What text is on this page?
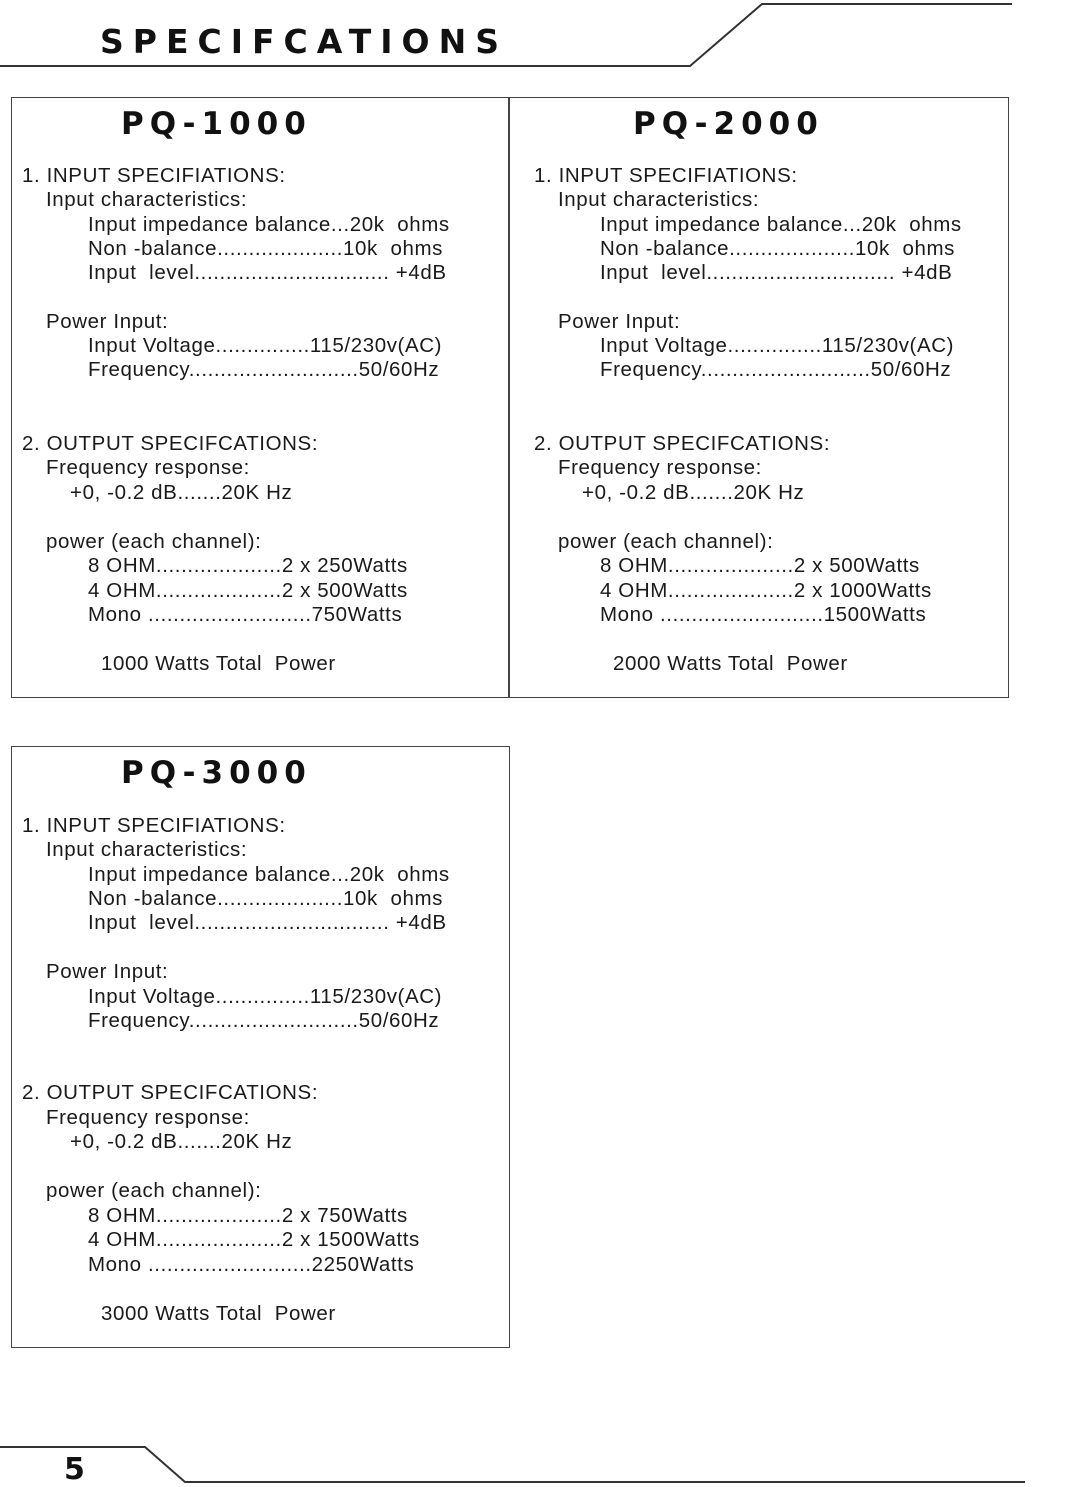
SPECIFCATIONS
PQ-1000
1. INPUT SPECIFIATIONS:
Input characteristics:
Input impedance balance...20k  ohms
Non -balance....................10k  ohms
Input  level............................... +4dB
Power Input:
Input Voltage...............115/230v(AC)
Frequency...........................50/60Hz
2. OUTPUT SPECIFCATIONS:
Frequency response:
+0, -0.2 dB.......20K Hz
power (each channel):
8 OHM....................2 x 250Watts
4 OHM....................2 x 500Watts
Mono ..........................750Watts
1000 Watts Total  Power
PQ-2000
1. INPUT SPECIFIATIONS:
Input characteristics:
Input impedance balance...20k  ohms
Non -balance....................10k  ohms
Input  level.............................. +4dB
Power Input:
Input Voltage...............115/230v(AC)
Frequency...........................50/60Hz
2. OUTPUT SPECIFCATIONS:
Frequency response:
+0, -0.2 dB.......20K Hz
power (each channel):
8 OHM....................2 x 500Watts
4 OHM....................2 x 1000Watts
Mono ..........................1500Watts
2000 Watts Total  Power
PQ-3000
1. INPUT SPECIFIATIONS:
Input characteristics:
Input impedance balance...20k  ohms
Non -balance....................10k  ohms
Input  level............................... +4dB
Power Input:
Input Voltage...............115/230v(AC)
Frequency...........................50/60Hz
2. OUTPUT SPECIFCATIONS:
Frequency response:
+0, -0.2 dB.......20K Hz
power (each channel):
8 OHM....................2 x 750Watts
4 OHM....................2 x 1500Watts
Mono ..........................2250Watts
3000 Watts Total  Power
5
